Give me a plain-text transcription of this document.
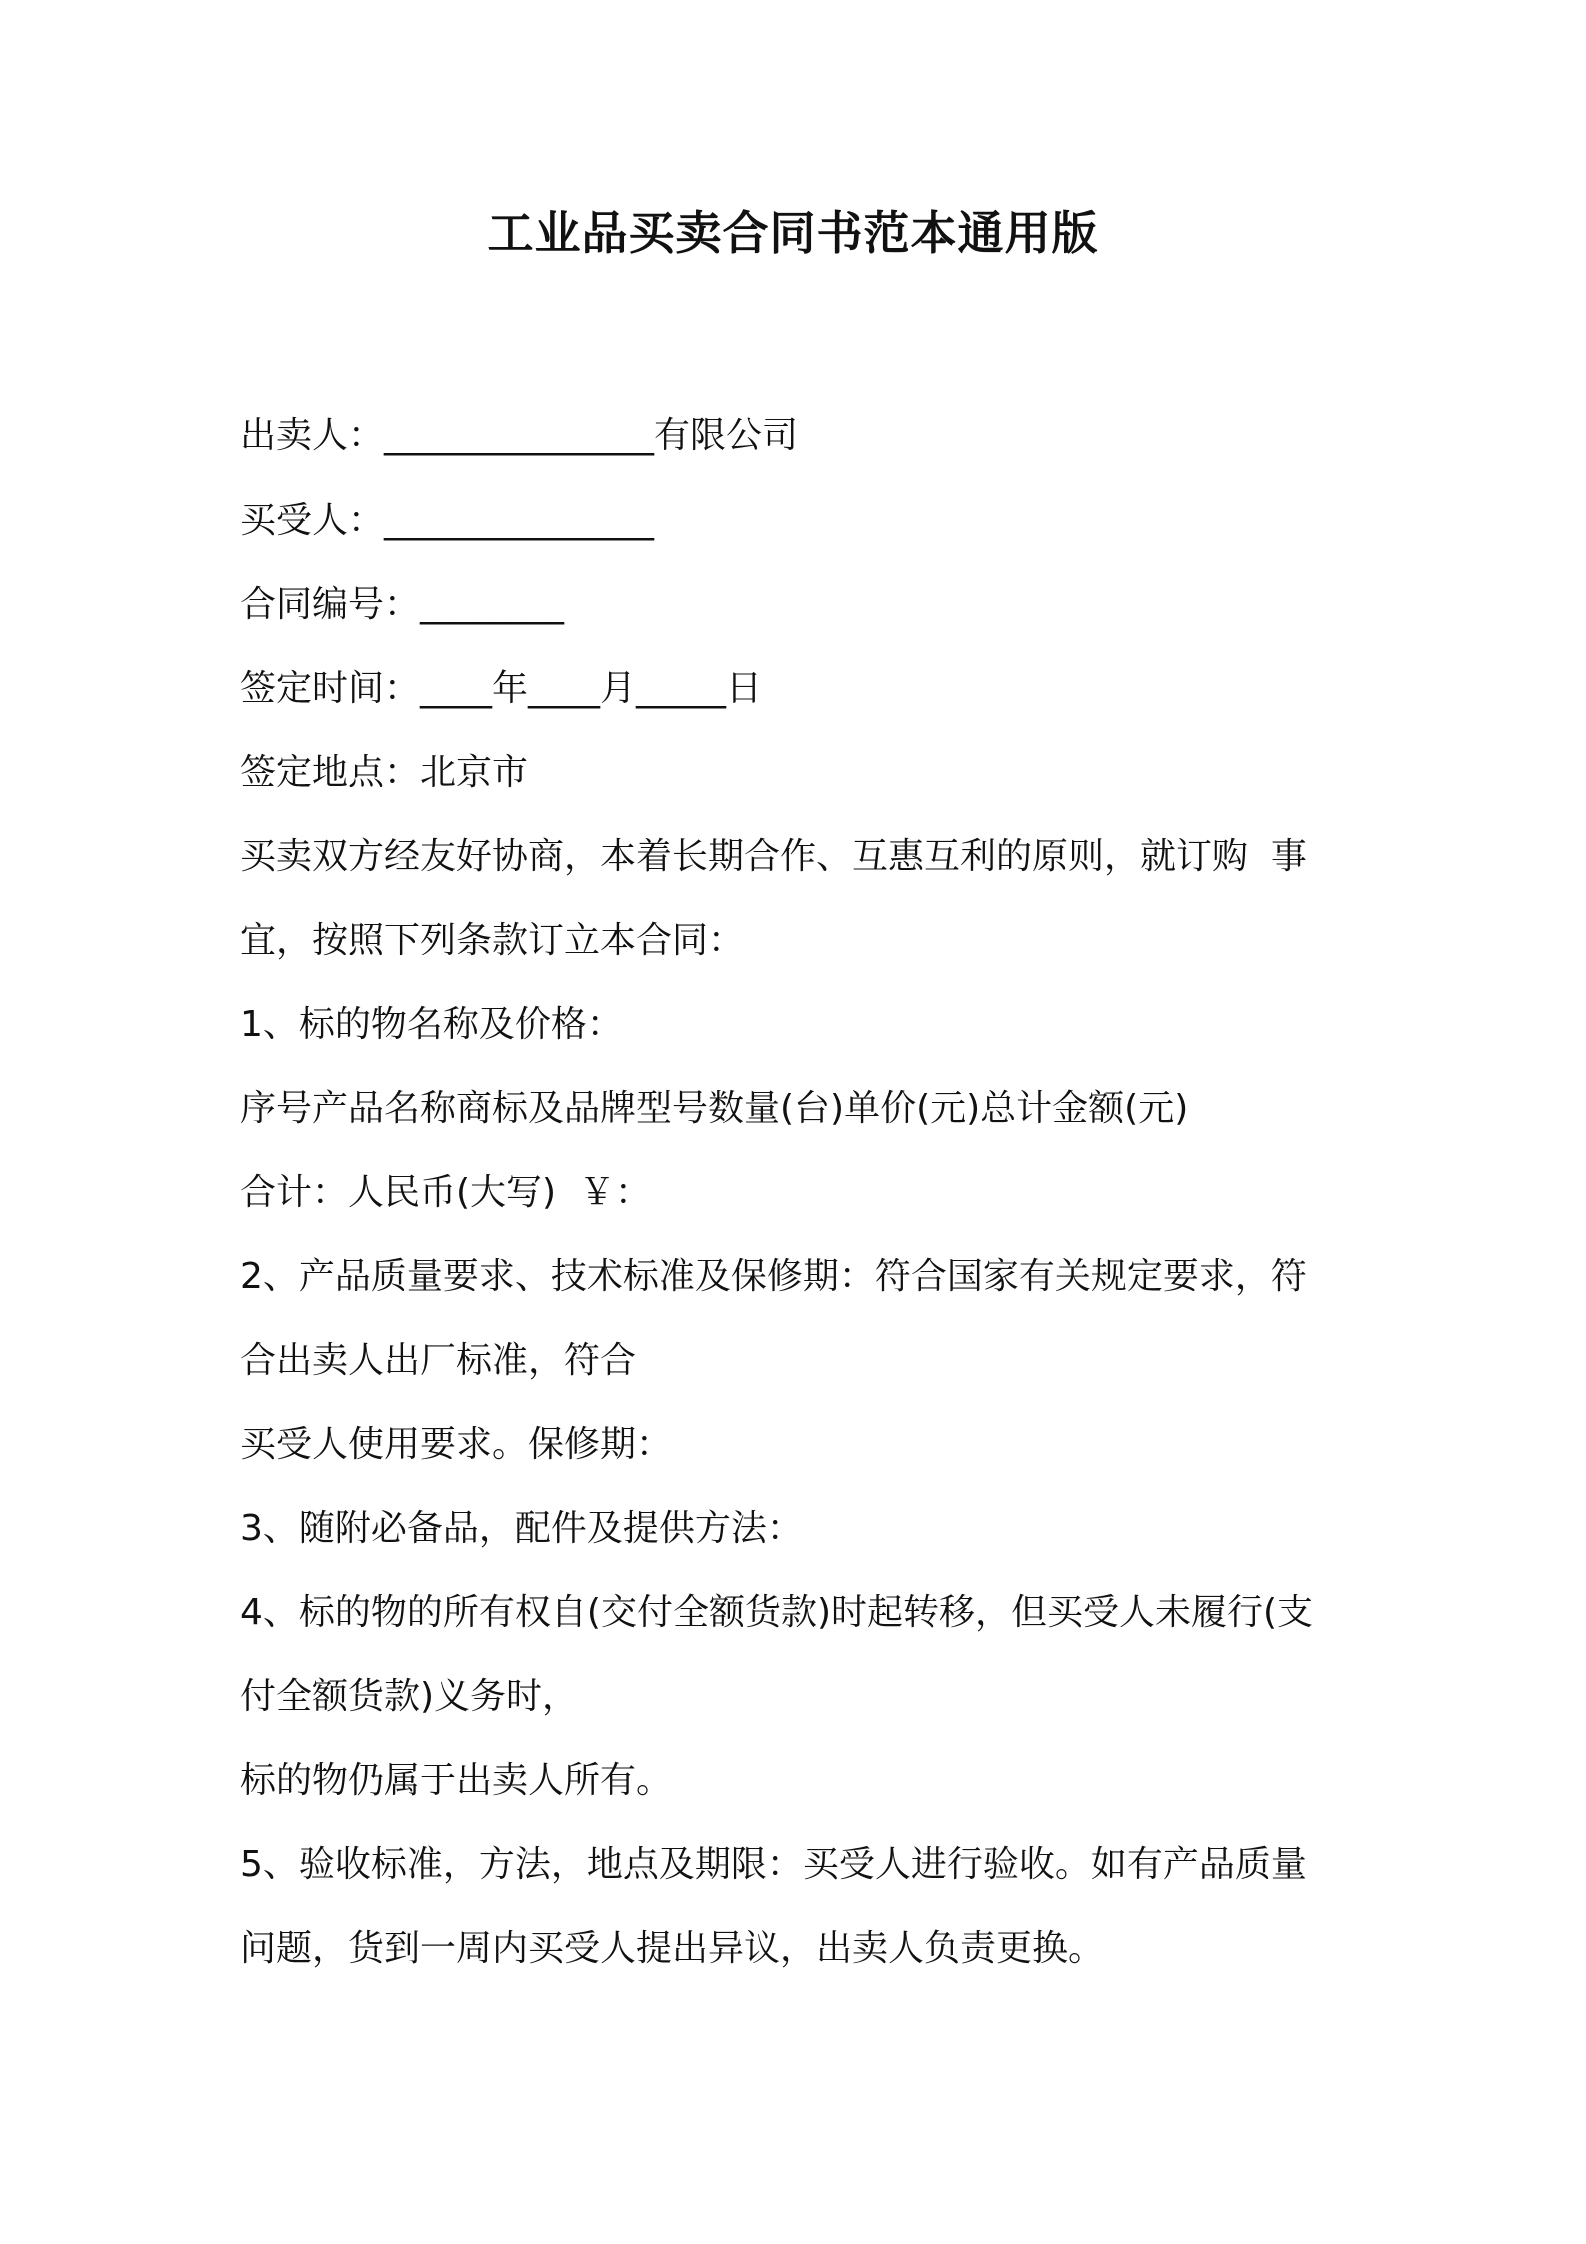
工业品买卖合同书范本通用版
出卖人：_______________有限公司
买受人：_______________
合同编号：________
签定时间：____年____月_____日
签定地点：北京市
买卖双方经友好协商，本着长期合作、互惠互利的原则，就订购  事
宜，按照下列条款订立本合同：
1、标的物名称及价格：
序号产品名称商标及品牌型号数量(台)单价(元)总计金额(元)
合计：人民币(大写)  ￥：
2、产品质量要求、技术标准及保修期：符合国家有关规定要求，符
合出卖人出厂标准，符合
买受人使用要求。保修期：
3、随附必备品，配件及提供方法：
4、标的物的所有权自(交付全额货款)时起转移，但买受人未履行(支
付全额货款)义务时，
标的物仍属于出卖人所有。
5、验收标准，方法，地点及期限：买受人进行验收。如有产品质量
问题，货到一周内买受人提出异议，出卖人负责更换。
